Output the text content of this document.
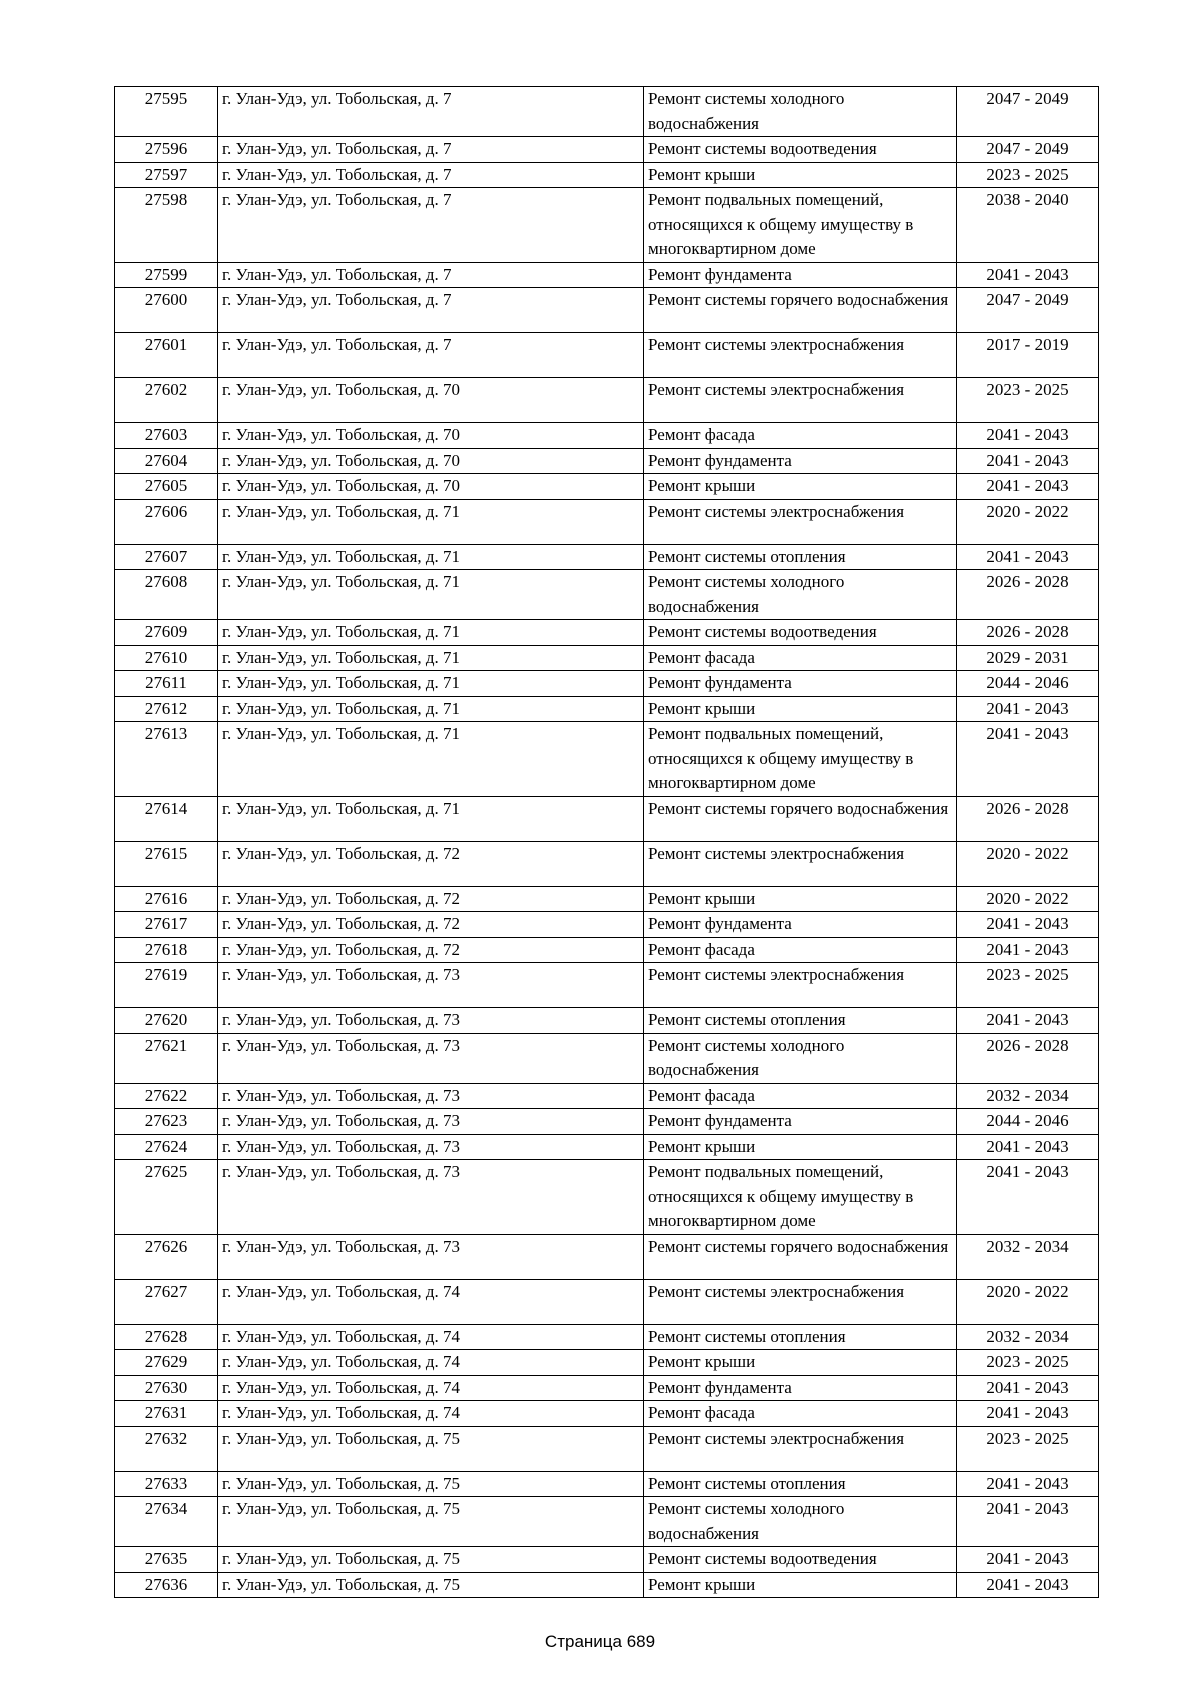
27595	г. Улан-Удэ, ул. Тобольская, д. 7	Ремонт системы холодного водоснабжения	2047 - 2049
27596	г. Улан-Удэ, ул. Тобольская, д. 7	Ремонт системы водоотведения	2047 - 2049
27597	г. Улан-Удэ, ул. Тобольская, д. 7	Ремонт крыши	2023 - 2025
27598	г. Улан-Удэ, ул. Тобольская, д. 7	Ремонт подвальных помещений, относящихся к общему имуществу в многоквартирном доме	2038 - 2040
27599	г. Улан-Удэ, ул. Тобольская, д. 7	Ремонт фундамента	2041 - 2043
27600	г. Улан-Удэ, ул. Тобольская, д. 7	Ремонт системы горячего водоснабжения	2047 - 2049
27601	г. Улан-Удэ, ул. Тобольская, д. 7	Ремонт системы электроснабжения	2017 - 2019
27602	г. Улан-Удэ, ул. Тобольская, д. 70	Ремонт системы электроснабжения	2023 - 2025
27603	г. Улан-Удэ, ул. Тобольская, д. 70	Ремонт фасада	2041 - 2043
27604	г. Улан-Удэ, ул. Тобольская, д. 70	Ремонт фундамента	2041 - 2043
27605	г. Улан-Удэ, ул. Тобольская, д. 70	Ремонт крыши	2041 - 2043
27606	г. Улан-Удэ, ул. Тобольская, д. 71	Ремонт системы электроснабжения	2020 - 2022
27607	г. Улан-Удэ, ул. Тобольская, д. 71	Ремонт системы отопления	2041 - 2043
27608	г. Улан-Удэ, ул. Тобольская, д. 71	Ремонт системы холодного водоснабжения	2026 - 2028
27609	г. Улан-Удэ, ул. Тобольская, д. 71	Ремонт системы водоотведения	2026 - 2028
27610	г. Улан-Удэ, ул. Тобольская, д. 71	Ремонт фасада	2029 - 2031
27611	г. Улан-Удэ, ул. Тобольская, д. 71	Ремонт фундамента	2044 - 2046
27612	г. Улан-Удэ, ул. Тобольская, д. 71	Ремонт крыши	2041 - 2043
27613	г. Улан-Удэ, ул. Тобольская, д. 71	Ремонт подвальных помещений, относящихся к общему имуществу в многоквартирном доме	2041 - 2043
27614	г. Улан-Удэ, ул. Тобольская, д. 71	Ремонт системы горячего водоснабжения	2026 - 2028
27615	г. Улан-Удэ, ул. Тобольская, д. 72	Ремонт системы электроснабжения	2020 - 2022
27616	г. Улан-Удэ, ул. Тобольская, д. 72	Ремонт крыши	2020 - 2022
27617	г. Улан-Удэ, ул. Тобольская, д. 72	Ремонт фундамента	2041 - 2043
27618	г. Улан-Удэ, ул. Тобольская, д. 72	Ремонт фасада	2041 - 2043
27619	г. Улан-Удэ, ул. Тобольская, д. 73	Ремонт системы электроснабжения	2023 - 2025
27620	г. Улан-Удэ, ул. Тобольская, д. 73	Ремонт системы отопления	2041 - 2043
27621	г. Улан-Удэ, ул. Тобольская, д. 73	Ремонт системы холодного водоснабжения	2026 - 2028
27622	г. Улан-Удэ, ул. Тобольская, д. 73	Ремонт фасада	2032 - 2034
27623	г. Улан-Удэ, ул. Тобольская, д. 73	Ремонт фундамента	2044 - 2046
27624	г. Улан-Удэ, ул. Тобольская, д. 73	Ремонт крыши	2041 - 2043
27625	г. Улан-Удэ, ул. Тобольская, д. 73	Ремонт подвальных помещений, относящихся к общему имуществу в многоквартирном доме	2041 - 2043
27626	г. Улан-Удэ, ул. Тобольская, д. 73	Ремонт системы горячего водоснабжения	2032 - 2034
27627	г. Улан-Удэ, ул. Тобольская, д. 74	Ремонт системы электроснабжения	2020 - 2022
27628	г. Улан-Удэ, ул. Тобольская, д. 74	Ремонт системы отопления	2032 - 2034
27629	г. Улан-Удэ, ул. Тобольская, д. 74	Ремонт крыши	2023 - 2025
27630	г. Улан-Удэ, ул. Тобольская, д. 74	Ремонт фундамента	2041 - 2043
27631	г. Улан-Удэ, ул. Тобольская, д. 74	Ремонт фасада	2041 - 2043
27632	г. Улан-Удэ, ул. Тобольская, д. 75	Ремонт системы электроснабжения	2023 - 2025
27633	г. Улан-Удэ, ул. Тобольская, д. 75	Ремонт системы отопления	2041 - 2043
27634	г. Улан-Удэ, ул. Тобольская, д. 75	Ремонт системы холодного водоснабжения	2041 - 2043
27635	г. Улан-Удэ, ул. Тобольская, д. 75	Ремонт системы водоотведения	2041 - 2043
27636	г. Улан-Удэ, ул. Тобольская, д. 75	Ремонт крыши	2041 - 2043
Страница 689
